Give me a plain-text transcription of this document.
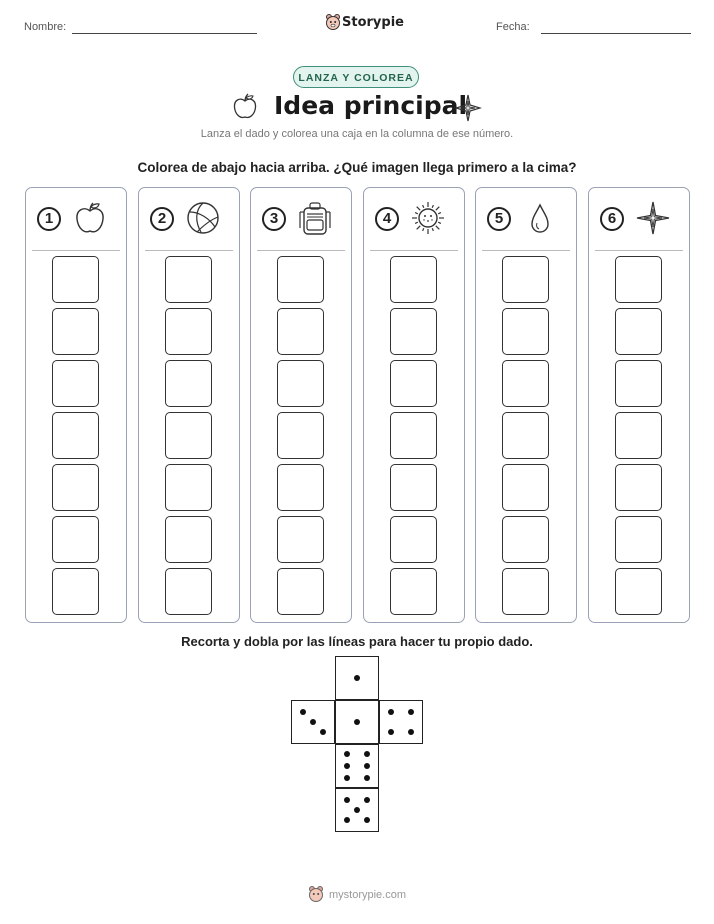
Nombre:	Storypie	Fecha:
LANZA Y COLOREA
Idea principal
Lanza el dado y colorea una caja en la columna de ese número.
Colorea de abajo hacia arriba. ¿Qué imagen llega primero a la cima?
1	2	3	4	5	6
Recorta y dobla por las líneas para hacer tu propio dado.
mystorypie.com
